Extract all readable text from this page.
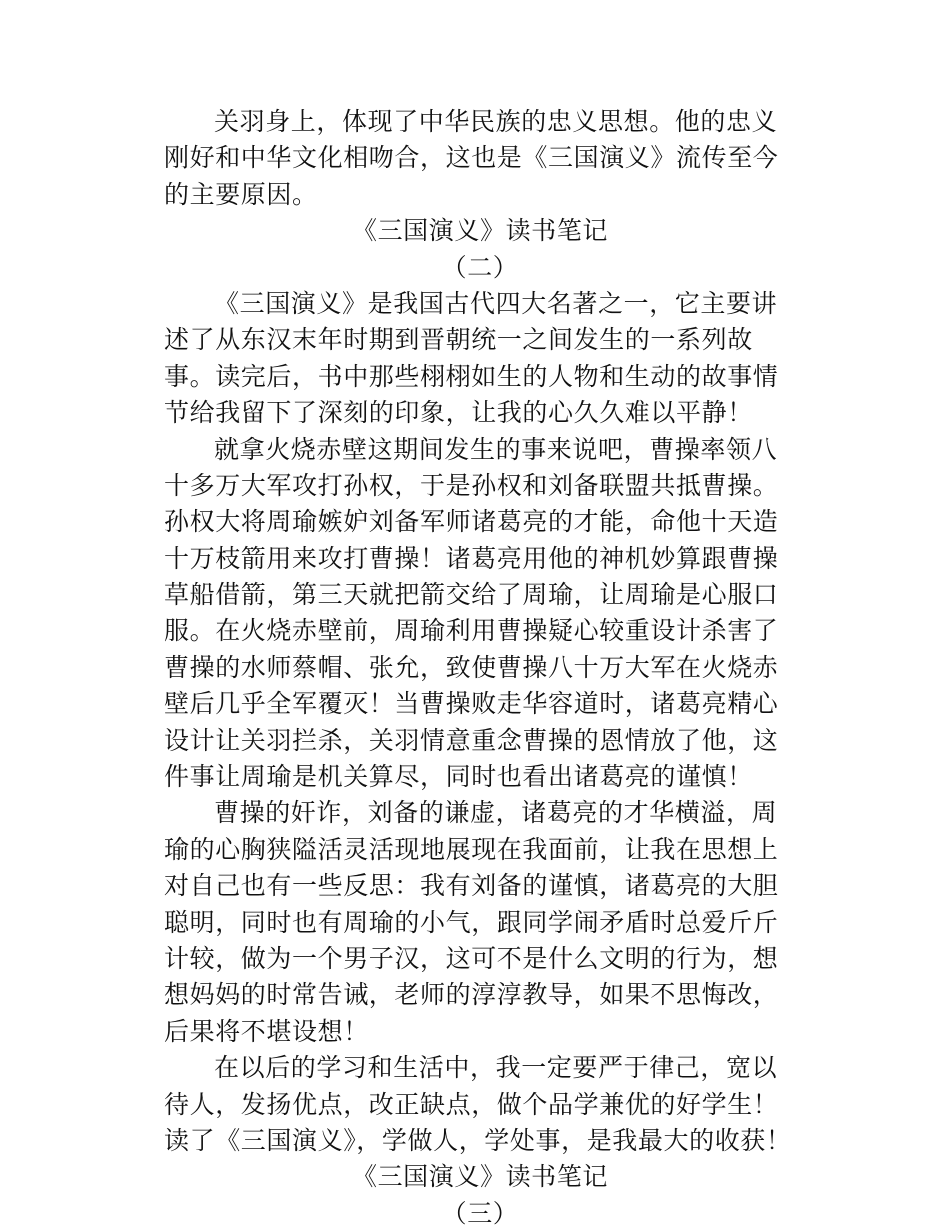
关羽身上，体现了中华民族的忠义思想。他的忠义
刚好和中华文化相吻合，这也是《三国演义》流传至今
的主要原因。
《三国演义》读书笔记
（二）
《三国演义》是我国古代四大名著之一，它主要讲
述了从东汉末年时期到晋朝统一之间发生的一系列故
事。读完后，书中那些栩栩如生的人物和生动的故事情
节给我留下了深刻的印象，让我的心久久难以平静！
就拿火烧赤壁这期间发生的事来说吧，曹操率领八
十多万大军攻打孙权，于是孙权和刘备联盟共抵曹操。
孙权大将周瑜嫉妒刘备军师诸葛亮的才能，命他十天造
十万枝箭用来攻打曹操！诸葛亮用他的神机妙算跟曹操
草船借箭，第三天就把箭交给了周瑜，让周瑜是心服口
服。在火烧赤壁前，周瑜利用曹操疑心较重设计杀害了
曹操的水师蔡帽、张允，致使曹操八十万大军在火烧赤
壁后几乎全军覆灭！当曹操败走华容道时，诸葛亮精心
设计让关羽拦杀，关羽情意重念曹操的恩情放了他，这
件事让周瑜是机关算尽，同时也看出诸葛亮的谨慎！
曹操的奸诈，刘备的谦虚，诸葛亮的才华横溢，周
瑜的心胸狭隘活灵活现地展现在我面前，让我在思想上
对自己也有一些反思：我有刘备的谨慎，诸葛亮的大胆
聪明，同时也有周瑜的小气，跟同学闹矛盾时总爱斤斤
计较，做为一个男子汉，这可不是什么文明的行为，想
想妈妈的时常告诫，老师的淳淳教导，如果不思悔改，
后果将不堪设想！
在以后的学习和生活中，我一定要严于律己，宽以
待人，发扬优点，改正缺点，做个品学兼优的好学生！
读了《三国演义》，学做人，学处事，是我最大的收获！
《三国演义》读书笔记
（三）
